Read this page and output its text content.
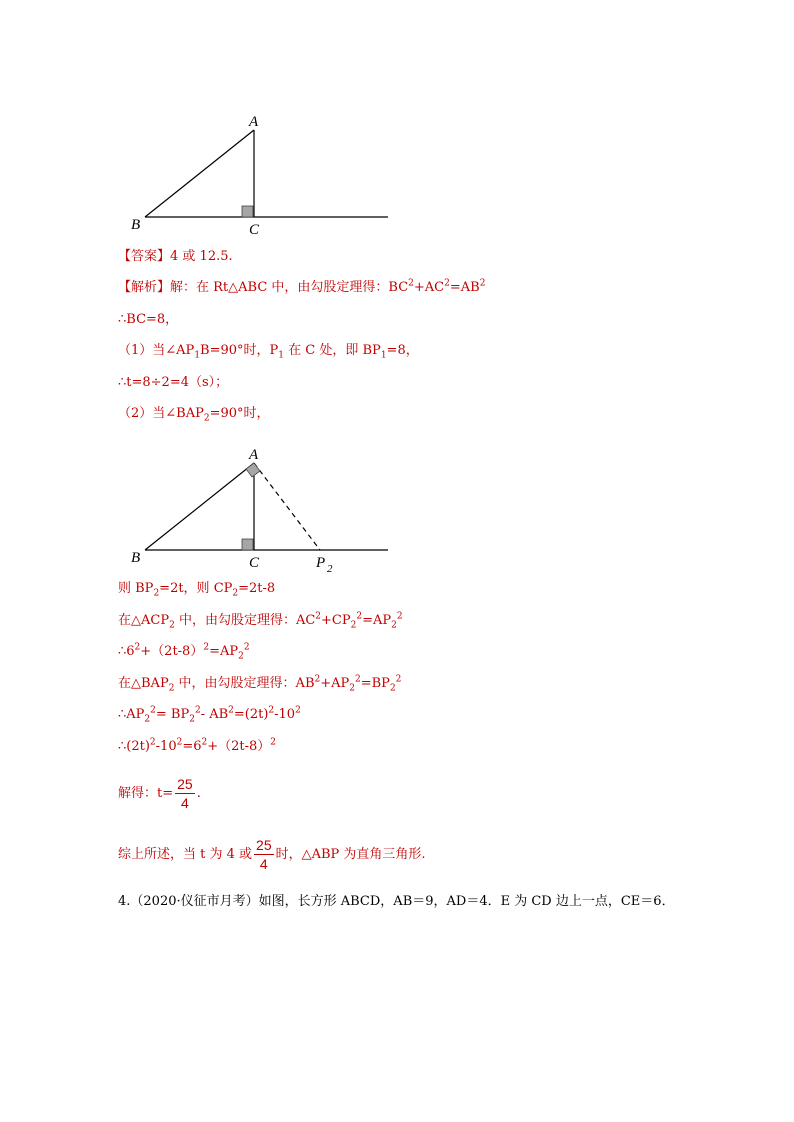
A
B	C
【答案】4 或 12.5.
【解析】解：在 Rt△ABC 中，由勾股定理得：$BC^2+AC^2=AB^2$
∴BC=8，
（1）当$\angle AP_1B=90^\circ$时，$P_1$ 在 C 处，即 $BP_1=8$，
∴t=8÷2=4（s）；
（2）当$\angle BAP_2=90^\circ$时，
A
B	C	P 2
则 $BP_2=2t$，则 $CP_2=2t-8$
在$\triangle ACP_2$ 中，由勾股定理得：$AC^2+CP_2^2=AP_2^2$
$\therefore 6^2+(2t-8)^2=AP_2^2$
在$\triangle BAP_2$ 中，由勾股定理得：$AB^2+AP_2^2=BP_2^2$
$\therefore AP_2^2= BP_2^2-$ $AB^2=(2t)^2-10^2$
$\therefore(2t)^2-10^2=6^2+(2t-8)^2$
解得：$t= \frac{25}{4}$ .
综上所述，当 t 为 4 或 $\frac{25}{4}$ 时，△ABP 为直角三角形.
4.（2020·仪征市月考）如图，长方形 ABCD，AB＝9，AD＝4．E 为 CD 边上一点，CE＝6．
